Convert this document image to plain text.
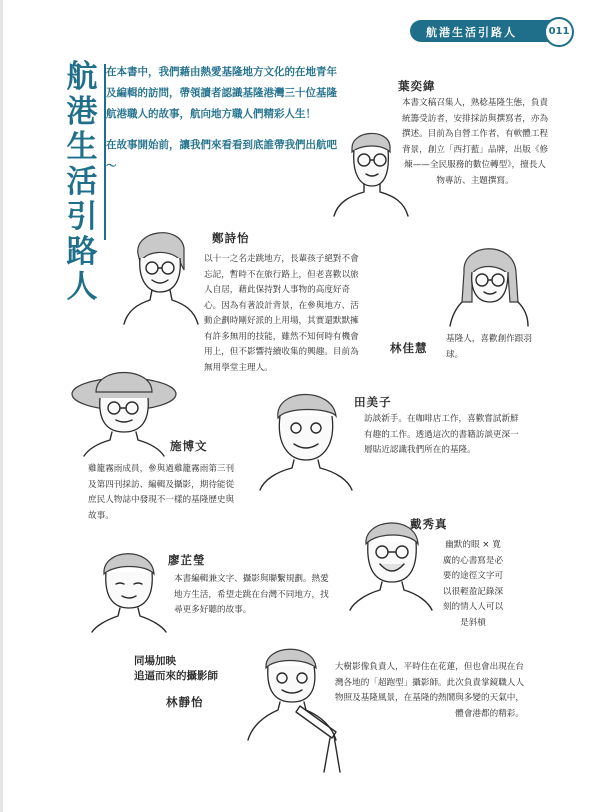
航港生活引路人	011
航
港
生
活
引
路
人

在本書中，我們藉由熱愛基隆地方文化的在地青年及編輯的訪問，帶領讀者認識基隆港灣三十位基隆航港職人的故事，航向地方職人們精彩人生！

在故事開始前，讓我們來看看到底誰帶我們出航吧～

葉奕緯
本書文稿召集人，熟稔基隆生態，負責統籌受訪者，安排採訪與撰寫者，亦為撰述。目前為自營工作者，有軟體工程背景，創立「西打藍」品牌，出版《修煉——全民服務的數位轉型》，擅長人物專訪、主題撰寫。
鄭詩怡
以十一之名走跳地方，長輩孩子絕對不會忘記，暫時不在旅行路上，但老喜歡以旅人自居，藉此保持對人事物的高度好奇心。因為有著設計背景，在參與地方、活動企劃時剛好派的上用場，其實還默默擁有許多無用的技能，雖然不知何時有機會用上，但不影響持續收集的興趣。目前為無用學堂主理人。
林佳慧
基隆人，喜歡創作跟羽球。
田美子
訪談新手。在咖啡店工作，喜歡嘗試新鮮有趣的工作。透過這次的書籍訪談更深一層貼近認識我們所在的基隆。
施博文
雞籠霧雨成員，參與過雞籠霧雨第三刊及第四刊採訪、編輯及攝影，期待能從庶民人物誌中發現不一樣的基隆歷史與故事。
戴秀真
幽默的眼 × 寬廣的心書寫是必要的途徑文字可以很輕盈記錄深刻的情人人可以是斜槓
廖芷瑩
本書編輯兼文字、攝影與聯繫規劃。熱愛地方生活，希望走跳在台灣不同地方，找尋更多好聽的故事。
同場加映
追逼而來的攝影師
林靜怡
大樹影像負責人，平時住在花蓮，但也會出現在台灣各地的「超跑型」攝影師。此次負責掌鏡職人人物照及基隆風景，在基隆的熱鬧與多變的天氣中，體會港都的精彩。
